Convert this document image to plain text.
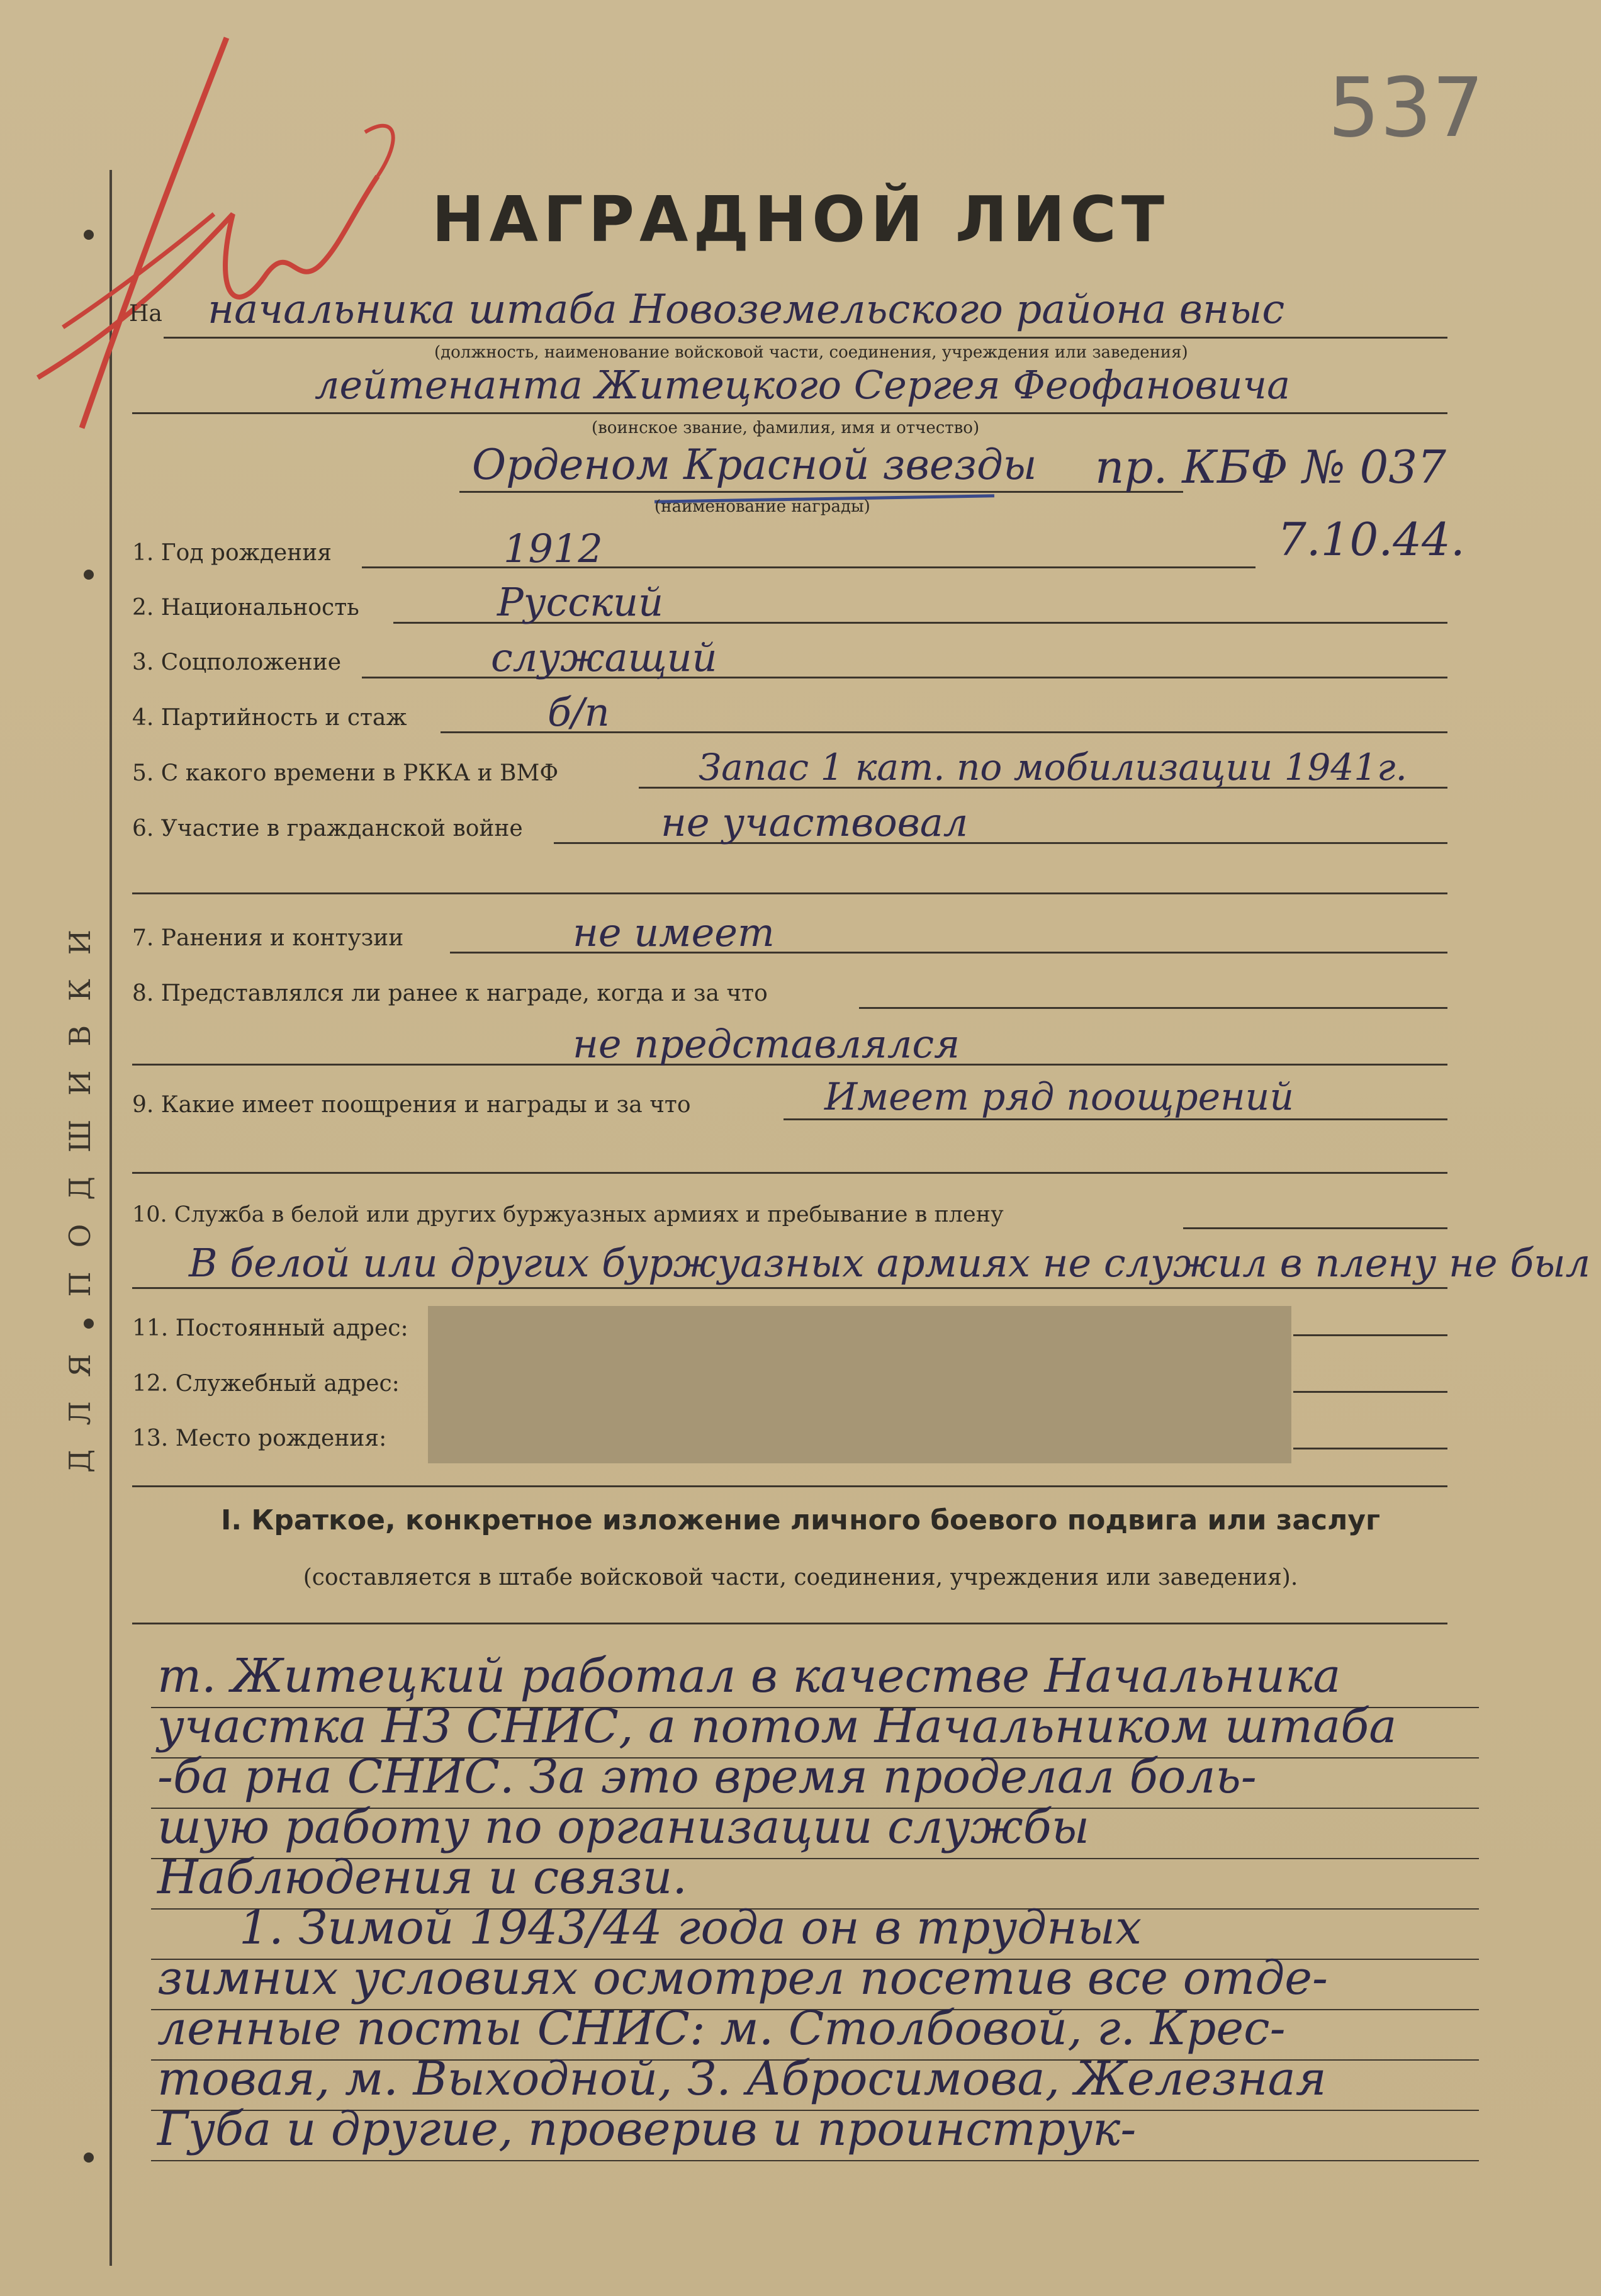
ДЛЯ ПОДШИВКИ
537
НАГРАДНОЙ ЛИСТ
На начальника штаба Новоземельского района вныс
(должность, наименование войсковой части, соединения, учреждения или заведения)
лейтенанта Житецкого Сергея Феофановича
(воинское звание, фамилия, имя и отчество)
Орденом Красной звезды
(наименование награды)
пр. КБФ № 037
7.10.44.
1. Год рождения	1912
2. Национальность	Русский
3. Соцположение	служащий
4. Партийность и стаж	б/п
5. С какого времени в РККА и ВМФ	Запас 1 кат. по мобилизации 1941г.
6. Участие в гражданской войне	не участвовал
7. Ранения и контузии	не имеет
8. Представлялся ли ранее к награде, когда и за что
не представлялся
9. Какие имеет поощрения и награды и за что	Имеет ряд поощрений
10. Служба в белой или других буржуазных армиях и пребывание в плену
В белой или других буржуазных армиях не служил в плену не был
11. Постоянный адрес:
12. Служебный адрес:
13. Место рождения:
I. Краткое, конкретное изложение личного боевого подвига или заслуг
(составляется в штабе войсковой части, соединения, учреждения или заведения).
т. Житецкий работал в качестве Начальника
участка НЗ СНИС, а потом Начальником штаба
-ба рна СНИС. За это время проделал боль-
шую работу по организации службы
Наблюдения и связи.
1. Зимой 1943/44 года он в трудных
зимних условиях осмотрел посетив все отде-
ленные посты СНИС: м. Столбовой, г. Крес-
товая, м. Выходной, З. Абросимова, Железная
Губа и другие, проверив и проинструк-
